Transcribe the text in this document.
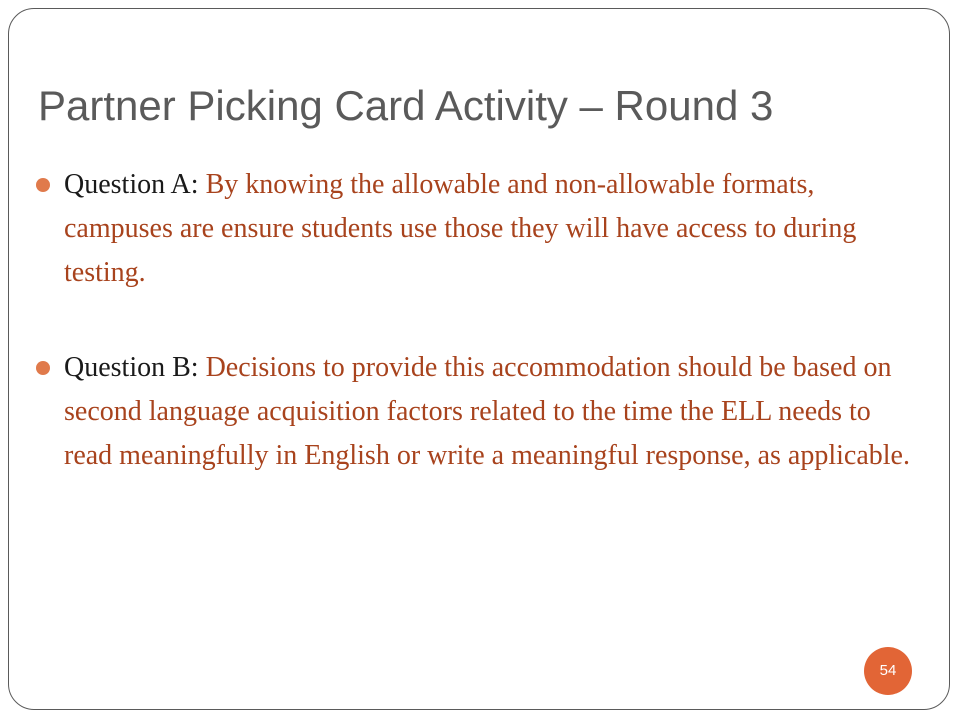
Partner Picking Card Activity – Round 3
Question A: By knowing the allowable and non-allowable formats, campuses are ensure students use those they will have access to during testing.
Question B: Decisions to provide this accommodation should be based on second language acquisition factors related to the time the ELL needs to read meaningfully in English or write a meaningful response, as applicable.
54
